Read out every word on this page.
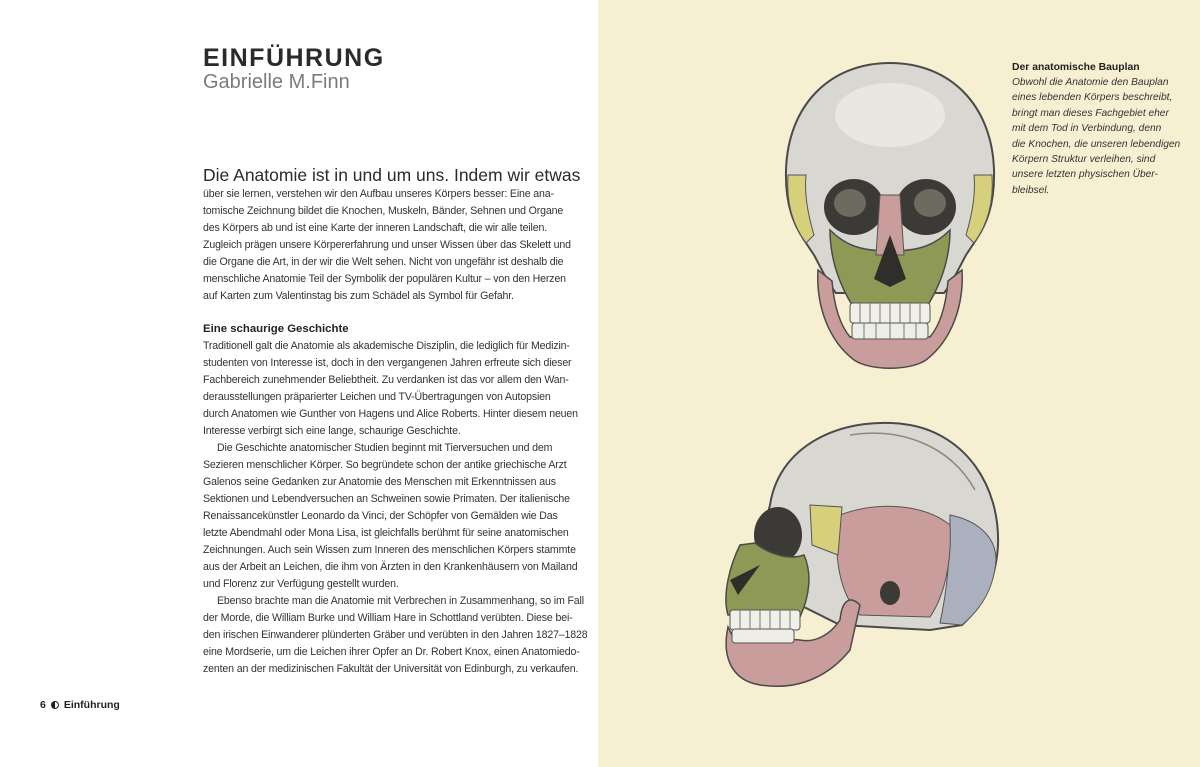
EINFÜHRUNG

Gabrielle M.Finn

Die Anatomie ist in und um uns. Indem wir etwas

über sie lernen, verstehen wir den Aufbau unseres Körpers besser: Eine ana-
tomische Zeichnung bildet die Knochen, Muskeln, Bänder, Sehnen und Organe
des Körpers ab und ist eine Karte der inneren Landschaft, die wir alle teilen.
Zugleich prägen unsere Körpererfahrung und unser Wissen über das Skelett und
die Organe die Art, in der wir die Welt sehen. Nicht von ungefähr ist deshalb die
menschliche Anatomie Teil der Symbolik der populären Kultur – von den Herzen
auf Karten zum Valentinstag bis zum Schädel als Symbol für Gefahr.
Eine schaurige Geschichte
Traditionell galt die Anatomie als akademische Disziplin, die lediglich für Medizin-
studenten von Interesse ist, doch in den vergangenen Jahren erfreute sich dieser
Fachbereich zunehmender Beliebtheit. Zu verdanken ist das vor allem den Wan-
derausstellungen präparierter Leichen und TV-Übertragungen von Autopsien
durch Anatomen wie Gunther von Hagens und Alice Roberts. Hinter diesem neuen
Interesse verbirgt sich eine lange, schaurige Geschichte.
Die Geschichte anatomischer Studien beginnt mit Tierversuchen und dem
Sezieren menschlicher Körper. So begründete schon der antike griechische Arzt
Galenos seine Gedanken zur Anatomie des Menschen mit Erkenntnissen aus
Sektionen und Lebendversuchen an Schweinen sowie Primaten. Der italienische
Renaissancekünstler Leonardo da Vinci, der Schöpfer von Gemälden wie Das
letzte Abendmahl oder Mona Lisa, ist gleichfalls berühmt für seine anatomischen
Zeichnungen. Auch sein Wissen zum Inneren des menschlichen Körpers stammte
aus der Arbeit an Leichen, die ihm von Ärzten in den Krankenhäusern von Mailand
und Florenz zur Verfügung gestellt wurden.
Ebenso brachte man die Anatomie mit Verbrechen in Zusammenhang, so im Fall
der Morde, die William Burke und William Hare in Schottland verübten. Diese bei-
den irischen Einwanderer plünderten Gräber und verübten in den Jahren 1827–1828
eine Mordserie, um die Leichen ihrer Opfer an Dr. Robert Knox, einen Anatomiedo-
zenten an der medizinischen Fakultät der Universität von Edinburgh, zu verkaufen.
6 Einführung
Der anatomische Bauplan
Obwohl die Anatomie den Bauplan
eines lebenden Körpers beschreibt,
bringt man dieses Fachgebiet eher
mit dem Tod in Verbindung, denn
die Knochen, die unseren lebendigen
Körpern Struktur verleihen, sind
unsere letzten physischen Über-
bleibsel.
